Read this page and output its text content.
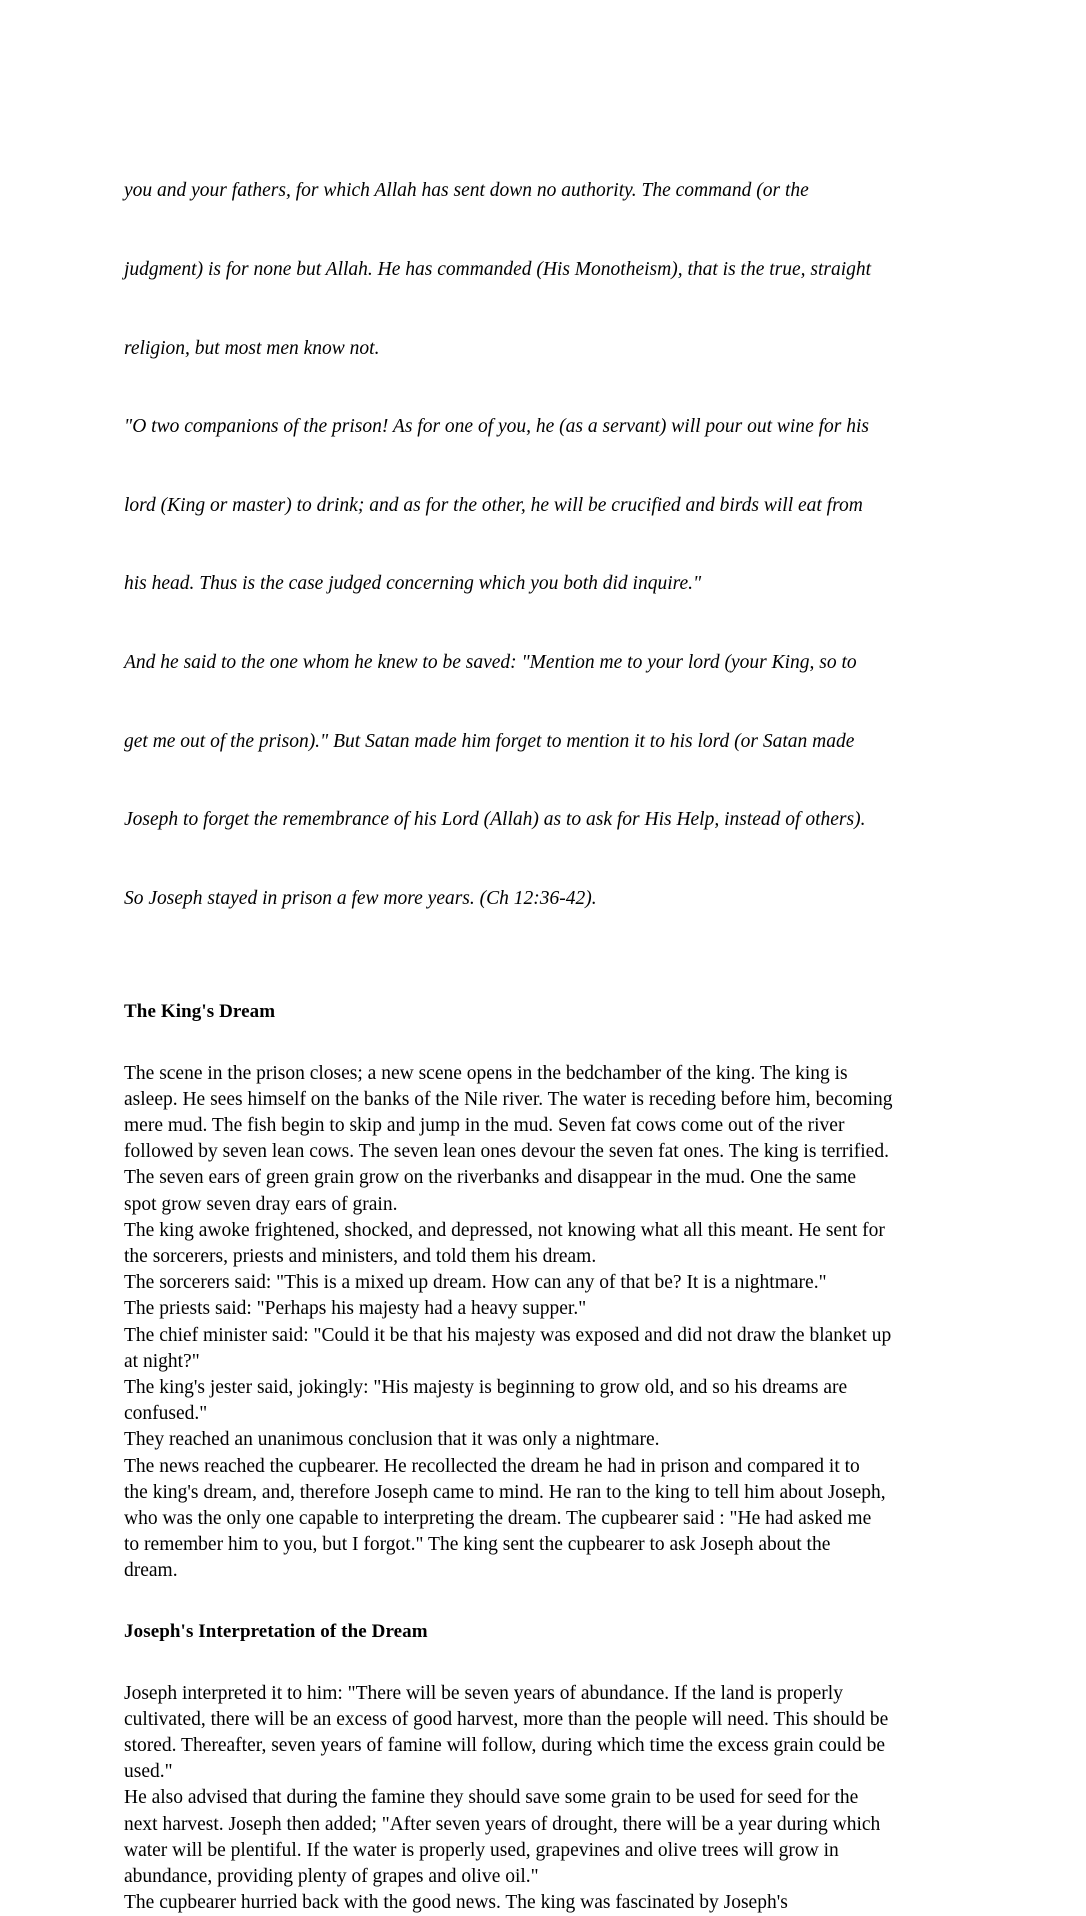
you and your fathers, for which Allah has sent down no authority. The command (or the

judgment) is for none but Allah. He has commanded (His Monotheism), that is the true, straight

religion, but most men know not.

"O two companions of the prison! As for one of you, he (as a servant) will pour out wine for his

lord (King or master) to drink; and as for the other, he will be crucified and birds will eat from

his head. Thus is the case judged concerning which you both did inquire."

And he said to the one whom he knew to be saved: "Mention me to your lord (your King, so to

get me out of the prison)." But Satan made him forget to mention it to his lord (or Satan made

Joseph to forget the remembrance of his Lord (Allah) as to ask for His Help, instead of others).

So Joseph stayed in prison a few more years. (Ch 12:36-42).

The King's Dream
The scene in the prison closes; a new scene opens in the bedchamber of the king. The king is
asleep. He sees himself on the banks of the Nile river. The water is receding before him, becoming
mere mud. The fish begin to skip and jump in the mud. Seven fat cows come out of the river
followed by seven lean cows. The seven lean ones devour the seven fat ones. The king is terrified.
The seven ears of green grain grow on the riverbanks and disappear in the mud. One the same
spot grow seven dray ears of grain.
The king awoke frightened, shocked, and depressed, not knowing what all this meant. He sent for
the sorcerers, priests and ministers, and told them his dream.
The sorcerers said: "This is a mixed up dream. How can any of that be? It is a nightmare."
The priests said: "Perhaps his majesty had a heavy supper."
The chief minister said: "Could it be that his majesty was exposed and did not draw the blanket up
at night?"
The king's jester said, jokingly: "His majesty is beginning to grow old, and so his dreams are
confused."
They reached an unanimous conclusion that it was only a nightmare.
The news reached the cupbearer. He recollected the dream he had in prison and compared it to
the king's dream, and, therefore Joseph came to mind. He ran to the king to tell him about Joseph,
who was the only one capable to interpreting the dream. The cupbearer said : "He had asked me
to remember him to you, but I forgot." The king sent the cupbearer to ask Joseph about the
dream.
Joseph's Interpretation of the Dream
Joseph interpreted it to him: "There will be seven years of abundance. If the land is properly
cultivated, there will be an excess of good harvest, more than the people will need. This should be
stored. Thereafter, seven years of famine will follow, during which time the excess grain could be
used."
He also advised that during the famine they should save some grain to be used for seed for the
next harvest. Joseph then added; "After seven years of drought, there will be a year during which
water will be plentiful. If the water is properly used, grapevines and olive trees will grow in
abundance, providing plenty of grapes and olive oil."
The cupbearer hurried back with the good news. The king was fascinated by Joseph's
